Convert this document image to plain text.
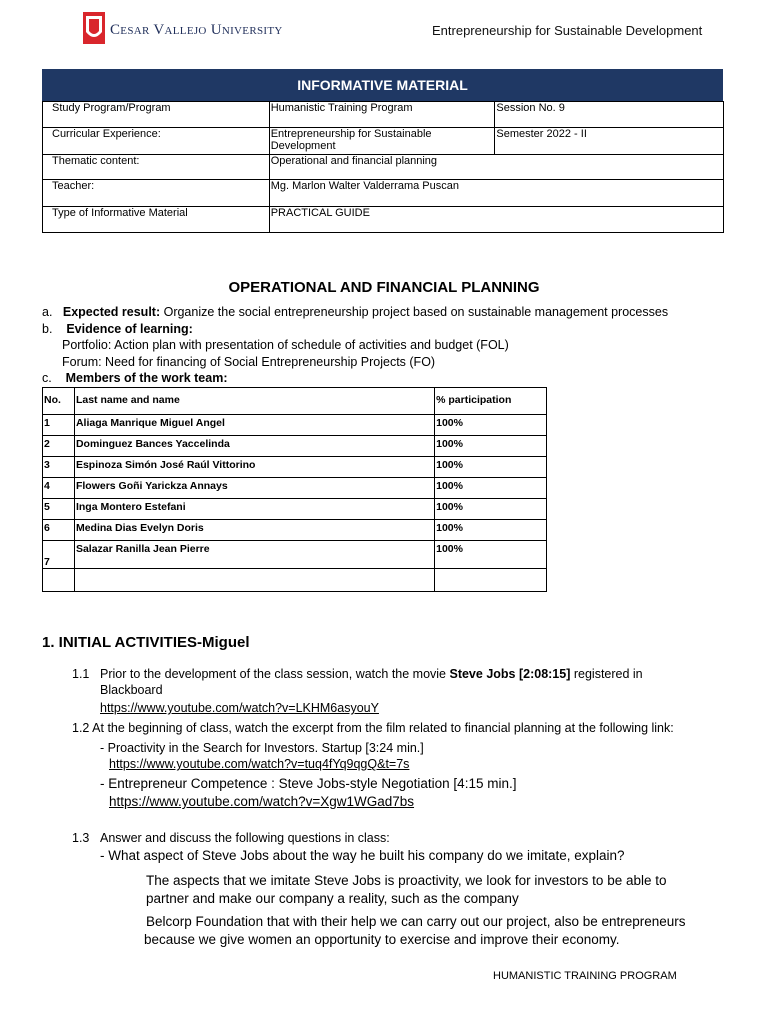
Cesar Vallejo University	Entrepreneurship for Sustainable Development
INFORMATIVE MATERIAL
Study Program/Program	Humanistic Training Program	Session No. 9
Curricular Experience:	Entrepreneurship for Sustainable Development	Semester 2022 - II
Thematic content:	Operational and financial planning	
Teacher:	Mg. Marlon Walter Valderrama Puscan	
Type of Informative Material	PRACTICAL GUIDE	
OPERATIONAL AND FINANCIAL PLANNING
a. Expected result: Organize the social entrepreneurship project based on sustainable management processes
b. Evidence of learning:
Portfolio: Action plan with presentation of schedule of activities and budget (FOL)
Forum: Need for financing of Social Entrepreneurship Projects (FO)
c. Members of the work team:
No.	Last name and name	% participation
1	Aliaga Manrique Miguel Angel	100%
2	Dominguez Bances Yaccelinda	100%
3	Espinoza Simón José Raúl Vittorino	100%
4	Flowers Goñi Yarickza Annays	100%
5	Inga Montero Estefani	100%
6	Medina Dias Evelyn Doris	100%
7	Salazar Ranilla Jean Pierre	100%

1. INITIAL ACTIVITIES-Miguel
1.1 Prior to the development of the class session, watch the movie Steve Jobs [2:08:15] registered in
Blackboard
https://www.youtube.com/watch?v=LKHM6asyouY
1.2 At the beginning of class, watch the excerpt from the film related to financial planning at the following link:
- Proactivity in the Search for Investors. Startup [3:24 min.]
https://www.youtube.com/watch?v=tuq4fYq9qgQ&t=7s
- Entrepreneur Competence : Steve Jobs-style Negotiation [4:15 min.]
https://www.youtube.com/watch?v=Xgw1WGad7bs
1.3 Answer and discuss the following questions in class:
- What aspect of Steve Jobs about the way he built his company do we imitate, explain?
The aspects that we imitate Steve Jobs is proactivity, we look for investors to be able to
partner and make our company a reality, such as the company
Belcorp Foundation that with their help we can carry out our project, also be entrepreneurs
because we give women an opportunity to exercise and improve their economy.
HUMANISTIC TRAINING PROGRAM
